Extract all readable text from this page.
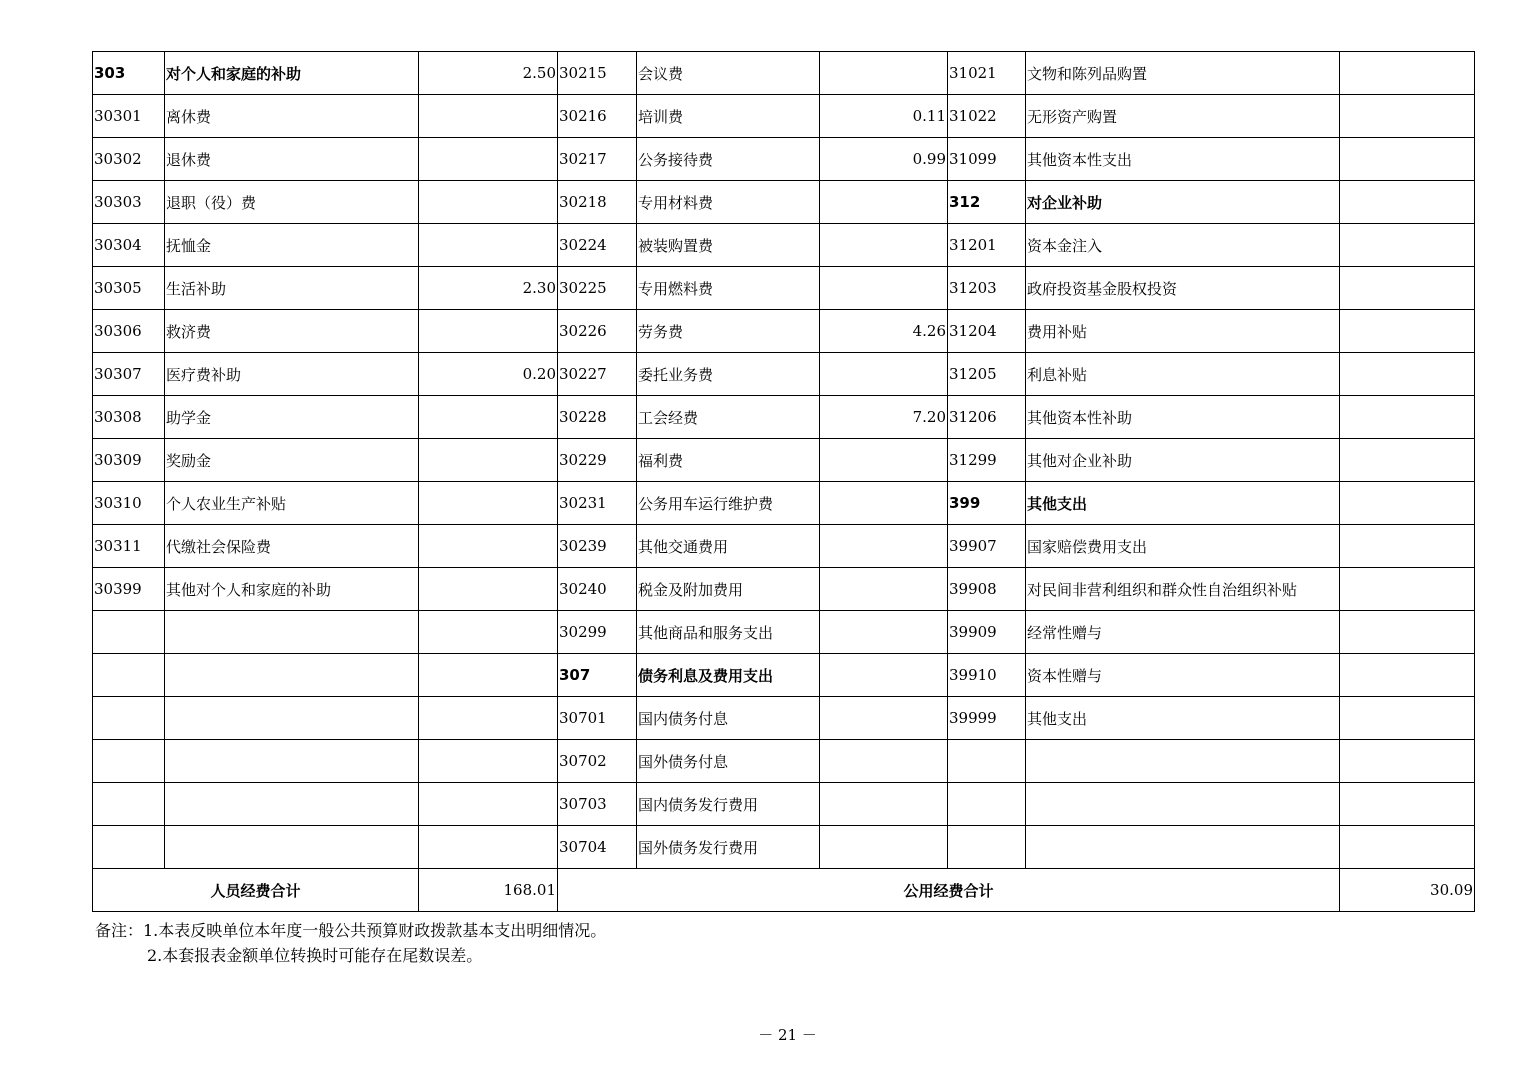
303	对个人和家庭的补助	2.50	30215	会议费		31021	文物和陈列品购置	
30301	离休费		30216	培训费	0.11	31022	无形资产购置	
30302	退休费		30217	公务接待费	0.99	31099	其他资本性支出	
30303	退职（役）费		30218	专用材料费		312	对企业补助	
30304	抚恤金		30224	被装购置费		31201	资本金注入	
30305	生活补助	2.30	30225	专用燃料费		31203	政府投资基金股权投资	
30306	救济费		30226	劳务费	4.26	31204	费用补贴	
30307	医疗费补助	0.20	30227	委托业务费		31205	利息补贴	
30308	助学金		30228	工会经费	7.20	31206	其他资本性补助	
30309	奖励金		30229	福利费		31299	其他对企业补助	
30310	个人农业生产补贴		30231	公务用车运行维护费		399	其他支出	
30311	代缴社会保险费		30239	其他交通费用		39907	国家赔偿费用支出	
30399	其他对个人和家庭的补助		30240	税金及附加费用		39908	对民间非营利组织和群众性自治组织补贴	
			30299	其他商品和服务支出		39909	经常性赠与	
			307	债务利息及费用支出		39910	资本性赠与	
			30701	国内债务付息		39999	其他支出	
			30702	国外债务付息				
			30703	国内债务发行费用				
			30704	国外债务发行费用				
人员经费合计		168.01	公用经费合计					30.09
备注：1.本表反映单位本年度一般公共预算财政拨款基本支出明细情况。
2.本套报表金额单位转换时可能存在尾数误差。
－ 21 －
